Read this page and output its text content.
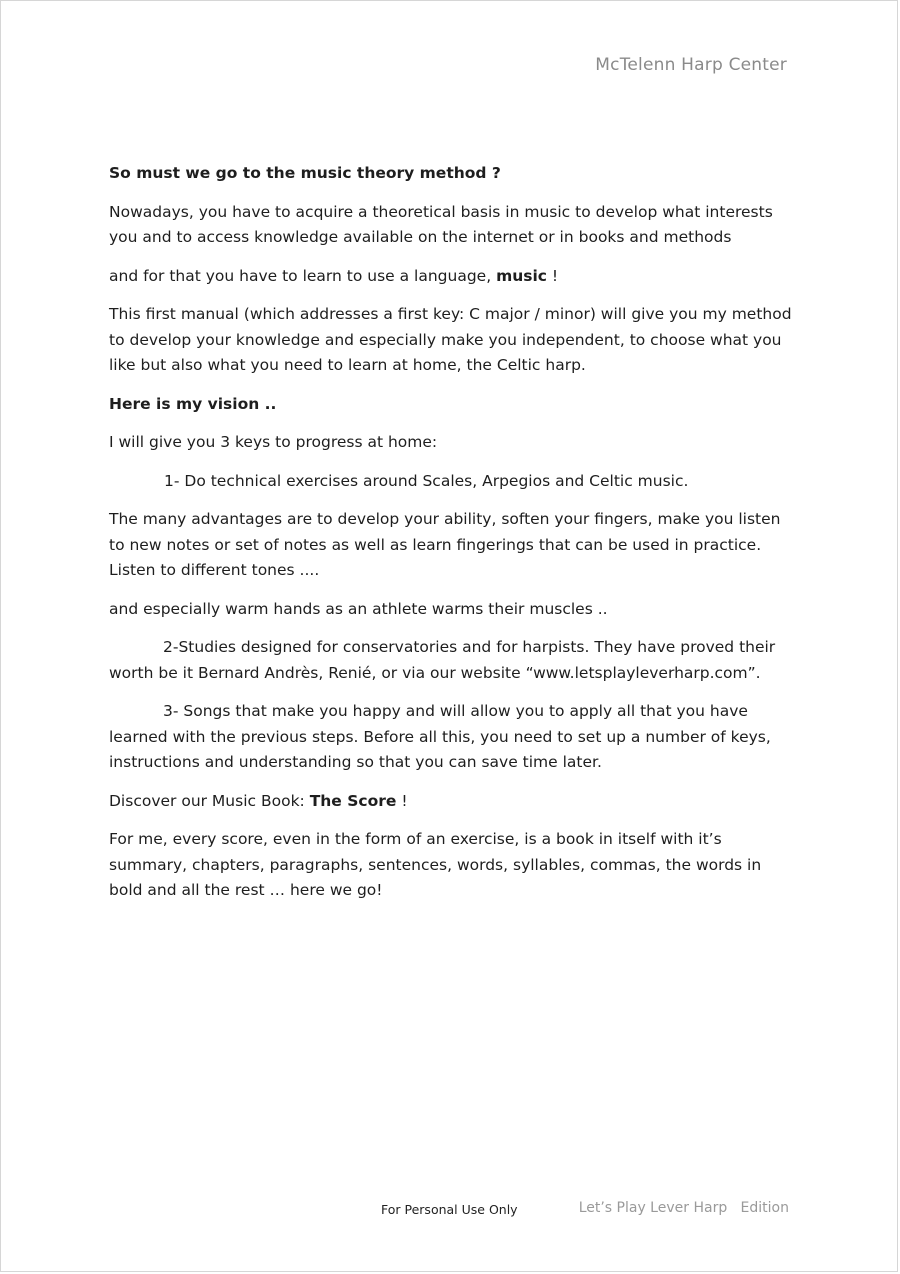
McTelenn Harp Center

So must we go to the music theory method ?

Nowadays, you have to acquire a theoretical basis in music to develop what interests you and to access knowledge available on the internet or in books and methods

and for that you have to learn to use a language, music !

This first manual (which addresses a first key: C major / minor) will give you my method to develop your knowledge and especially make you independent, to choose what you like but also what you need to learn at home, the Celtic harp.

Here is my vision ..

I will give you 3 keys to progress at home:

1- Do technical exercises around Scales, Arpegios and Celtic music.

The many advantages are to develop your ability, soften your fingers, make you listen to new notes or set of notes as well as learn fingerings that can be used in practice. Listen to different tones ....

and especially warm hands as an athlete warms their muscles ..

2-Studies designed for conservatories and for harpists. They have proved their worth be it Bernard Andrès, Renié, or via our website “www.letsplayleverharp.com”.

3- Songs that make you happy and will allow you to apply all that you have learned with the previous steps. Before all this, you need to set up a number of keys, instructions and understanding so that you can save time later.

Discover our Music Book: The Score !

For me, every score, even in the form of an exercise, is a book in itself with it’s summary, chapters, paragraphs, sentences, words, syllables, commas, the words in bold and all the rest … here we go!

For Personal Use Only	Let’s Play Lever Harp   Edition
